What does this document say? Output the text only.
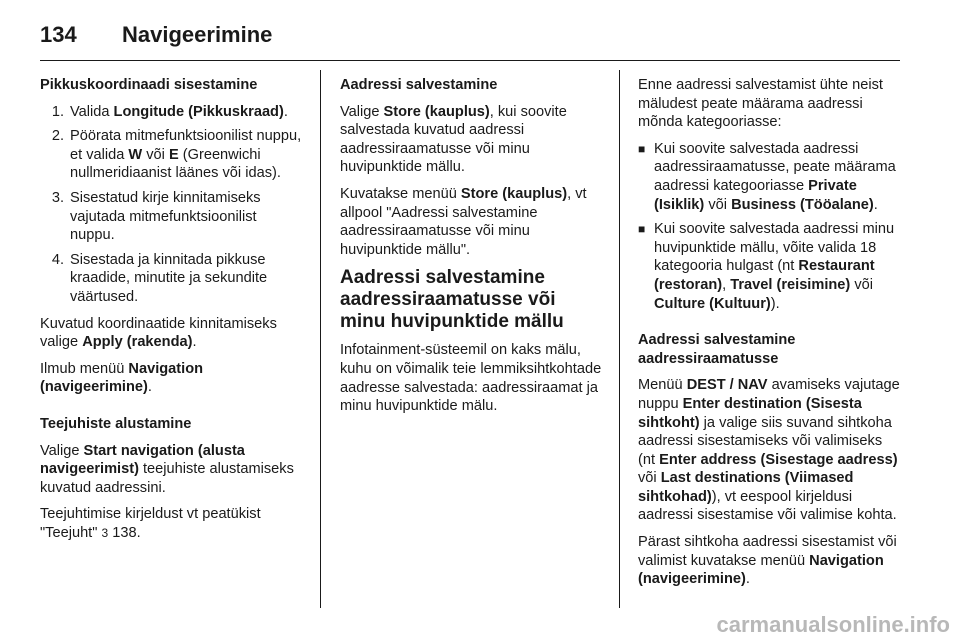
134	Navigeerimine

Pikkuskoordinaadi sisestamine

1. Valida Longitude (Pikkuskraad).
2. Pöörata mitmefunktsioonilist nuppu, et valida W või E (Greenwichi nullmeridiaanist läänes või idas).
3. Sisestatud kirje kinnitamiseks vajutada mitmefunktsioonilist nuppu.
4. Sisestada ja kinnitada pikkuse kraadide, minutite ja sekundite väärtused.

Kuvatud koordinaatide kinnitamiseks valige Apply (rakenda).

Ilmub menüü Navigation (navigeerimine).

Teejuhiste alustamine

Valige Start navigation (alusta navigeerimist) teejuhiste alustamiseks kuvatud aadressini.

Teejuhtimise kirjeldust vt peatükist "Teejuht" 3 138.

Aadressi salvestamine

Valige Store (kauplus), kui soovite salvestada kuvatud aadressi aadressiraamatusse või minu huvipunktide mällu.

Kuvatakse menüü Store (kauplus), vt allpool "Aadressi salvestamine aadressiraamatusse või minu huvipunktide mällu".

Aadressi salvestamine aadressiraamatusse või minu huvipunktide mällu

Infotainment-süsteemil on kaks mälu, kuhu on võimalik teie lemmiksihtkohtade aadresse salvestada: aadressiraamat ja minu huvipunktide mälu.

Enne aadressi salvestamist ühte neist mäludest peate määrama aadressi mõnda kategooriasse:

■ Kui soovite salvestada aadressi aadressiraamatusse, peate määrama aadressi kategooriasse Private (Isiklik) või Business (Tööalane).
■ Kui soovite salvestada aadressi minu huvipunktide mällu, võite valida 18 kategooria hulgast (nt Restaurant (restoran), Travel (reisimine) või Culture (Kultuur)).

Aadressi salvestamine aadressiraamatusse

Menüü DEST / NAV avamiseks vajutage nuppu Enter destination (Sisesta sihtkoht) ja valige siis suvand sihtkoha aadressi sisestamiseks või valimiseks (nt Enter address (Sisestage aadress) või Last destinations (Viimased sihtkohad)), vt eespool kirjeldusi aadressi sisestamise või valimise kohta.

Pärast sihtkoha aadressi sisestamist või valimist kuvatakse menüü Navigation (navigeerimine).

carmanualsonline.info
